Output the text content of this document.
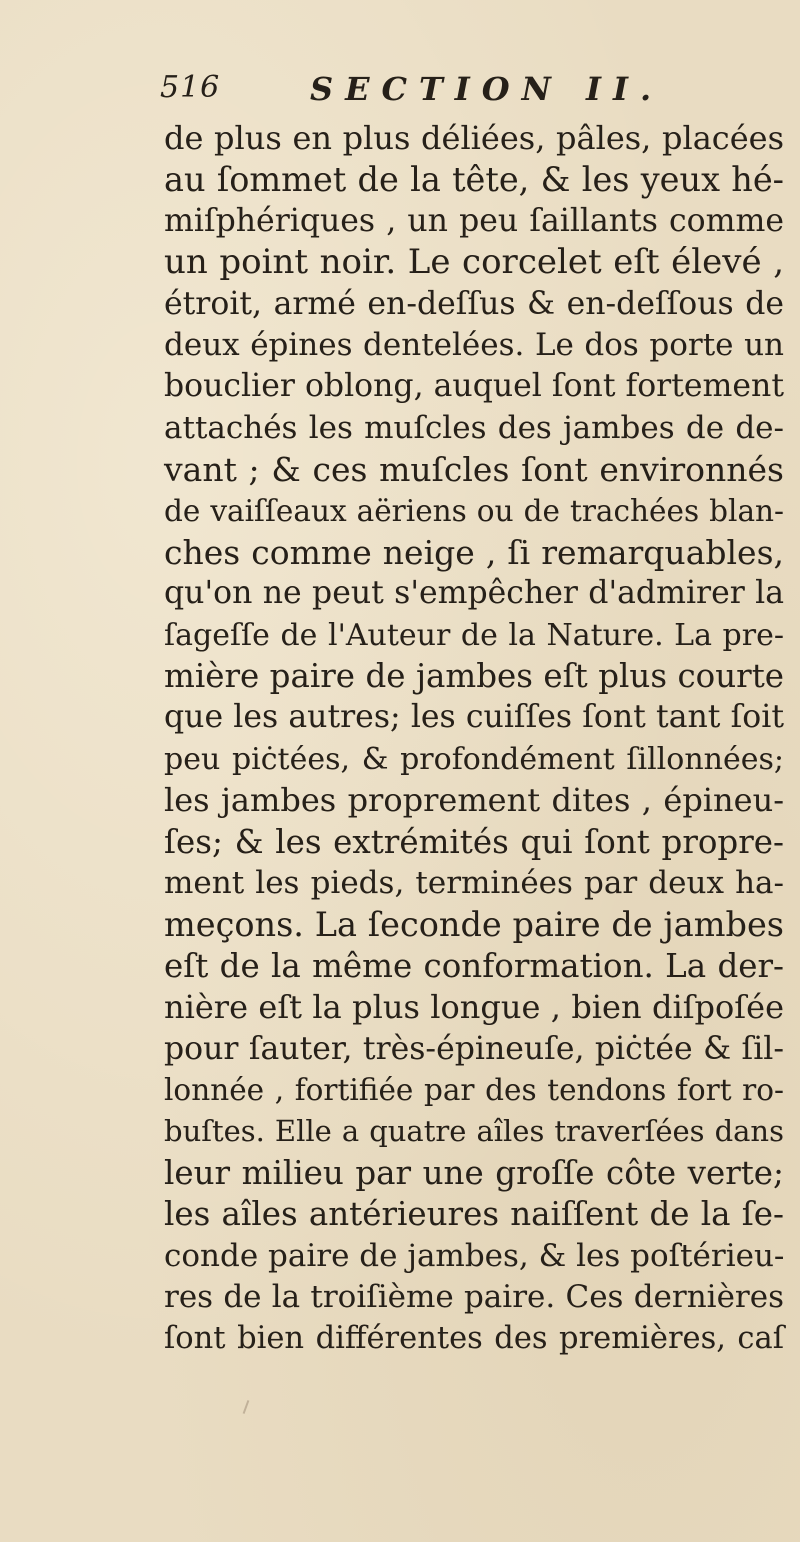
516	SECTION II.
de plus en plus déliées, pâles, placées
au ſommet de la tête, & les yeux hé-
miſphériques , un peu ſaillants comme
un point noir. Le corcelet eſt élevé ,
étroit, armé en-deſſus & en-deſſous de
deux épines dentelées. Le dos porte un
bouclier oblong, auquel ſont fortement
attachés les muſcles des jambes de de-
vant ; & ces muſcles ſont environnés
de vaiſſeaux aëriens ou de trachées blan-
ches comme neige , ſi remarquables,
qu'on ne peut s'empêcher d'admirer la
ſageſſe de l'Auteur de la Nature. La pre-
mière paire de jambes eſt plus courte
que les autres; les cuiſſes ſont tant ſoit
peu piċtées, & profondément ſillonnées;
les jambes proprement dites , épineu-
ſes; & les extrémités qui ſont propre-
ment les pieds, terminées par deux ha-
meçons. La ſeconde paire de jambes
eſt de la même conformation. La der-
nière eſt la plus longue , bien diſpoſée
pour ſauter, très-épineuſe, piċtée & ſil-
lonnée , fortifiée par des tendons fort ro-
buſtes. Elle a quatre aîles traverſées dans
leur milieu par une groſſe côte verte;
les aîles antérieures naiſſent de la ſe-
conde paire de jambes, & les poſtérieu-
res de la troiſième paire. Ces dernières
ſont bien différentes des premières, caſ
